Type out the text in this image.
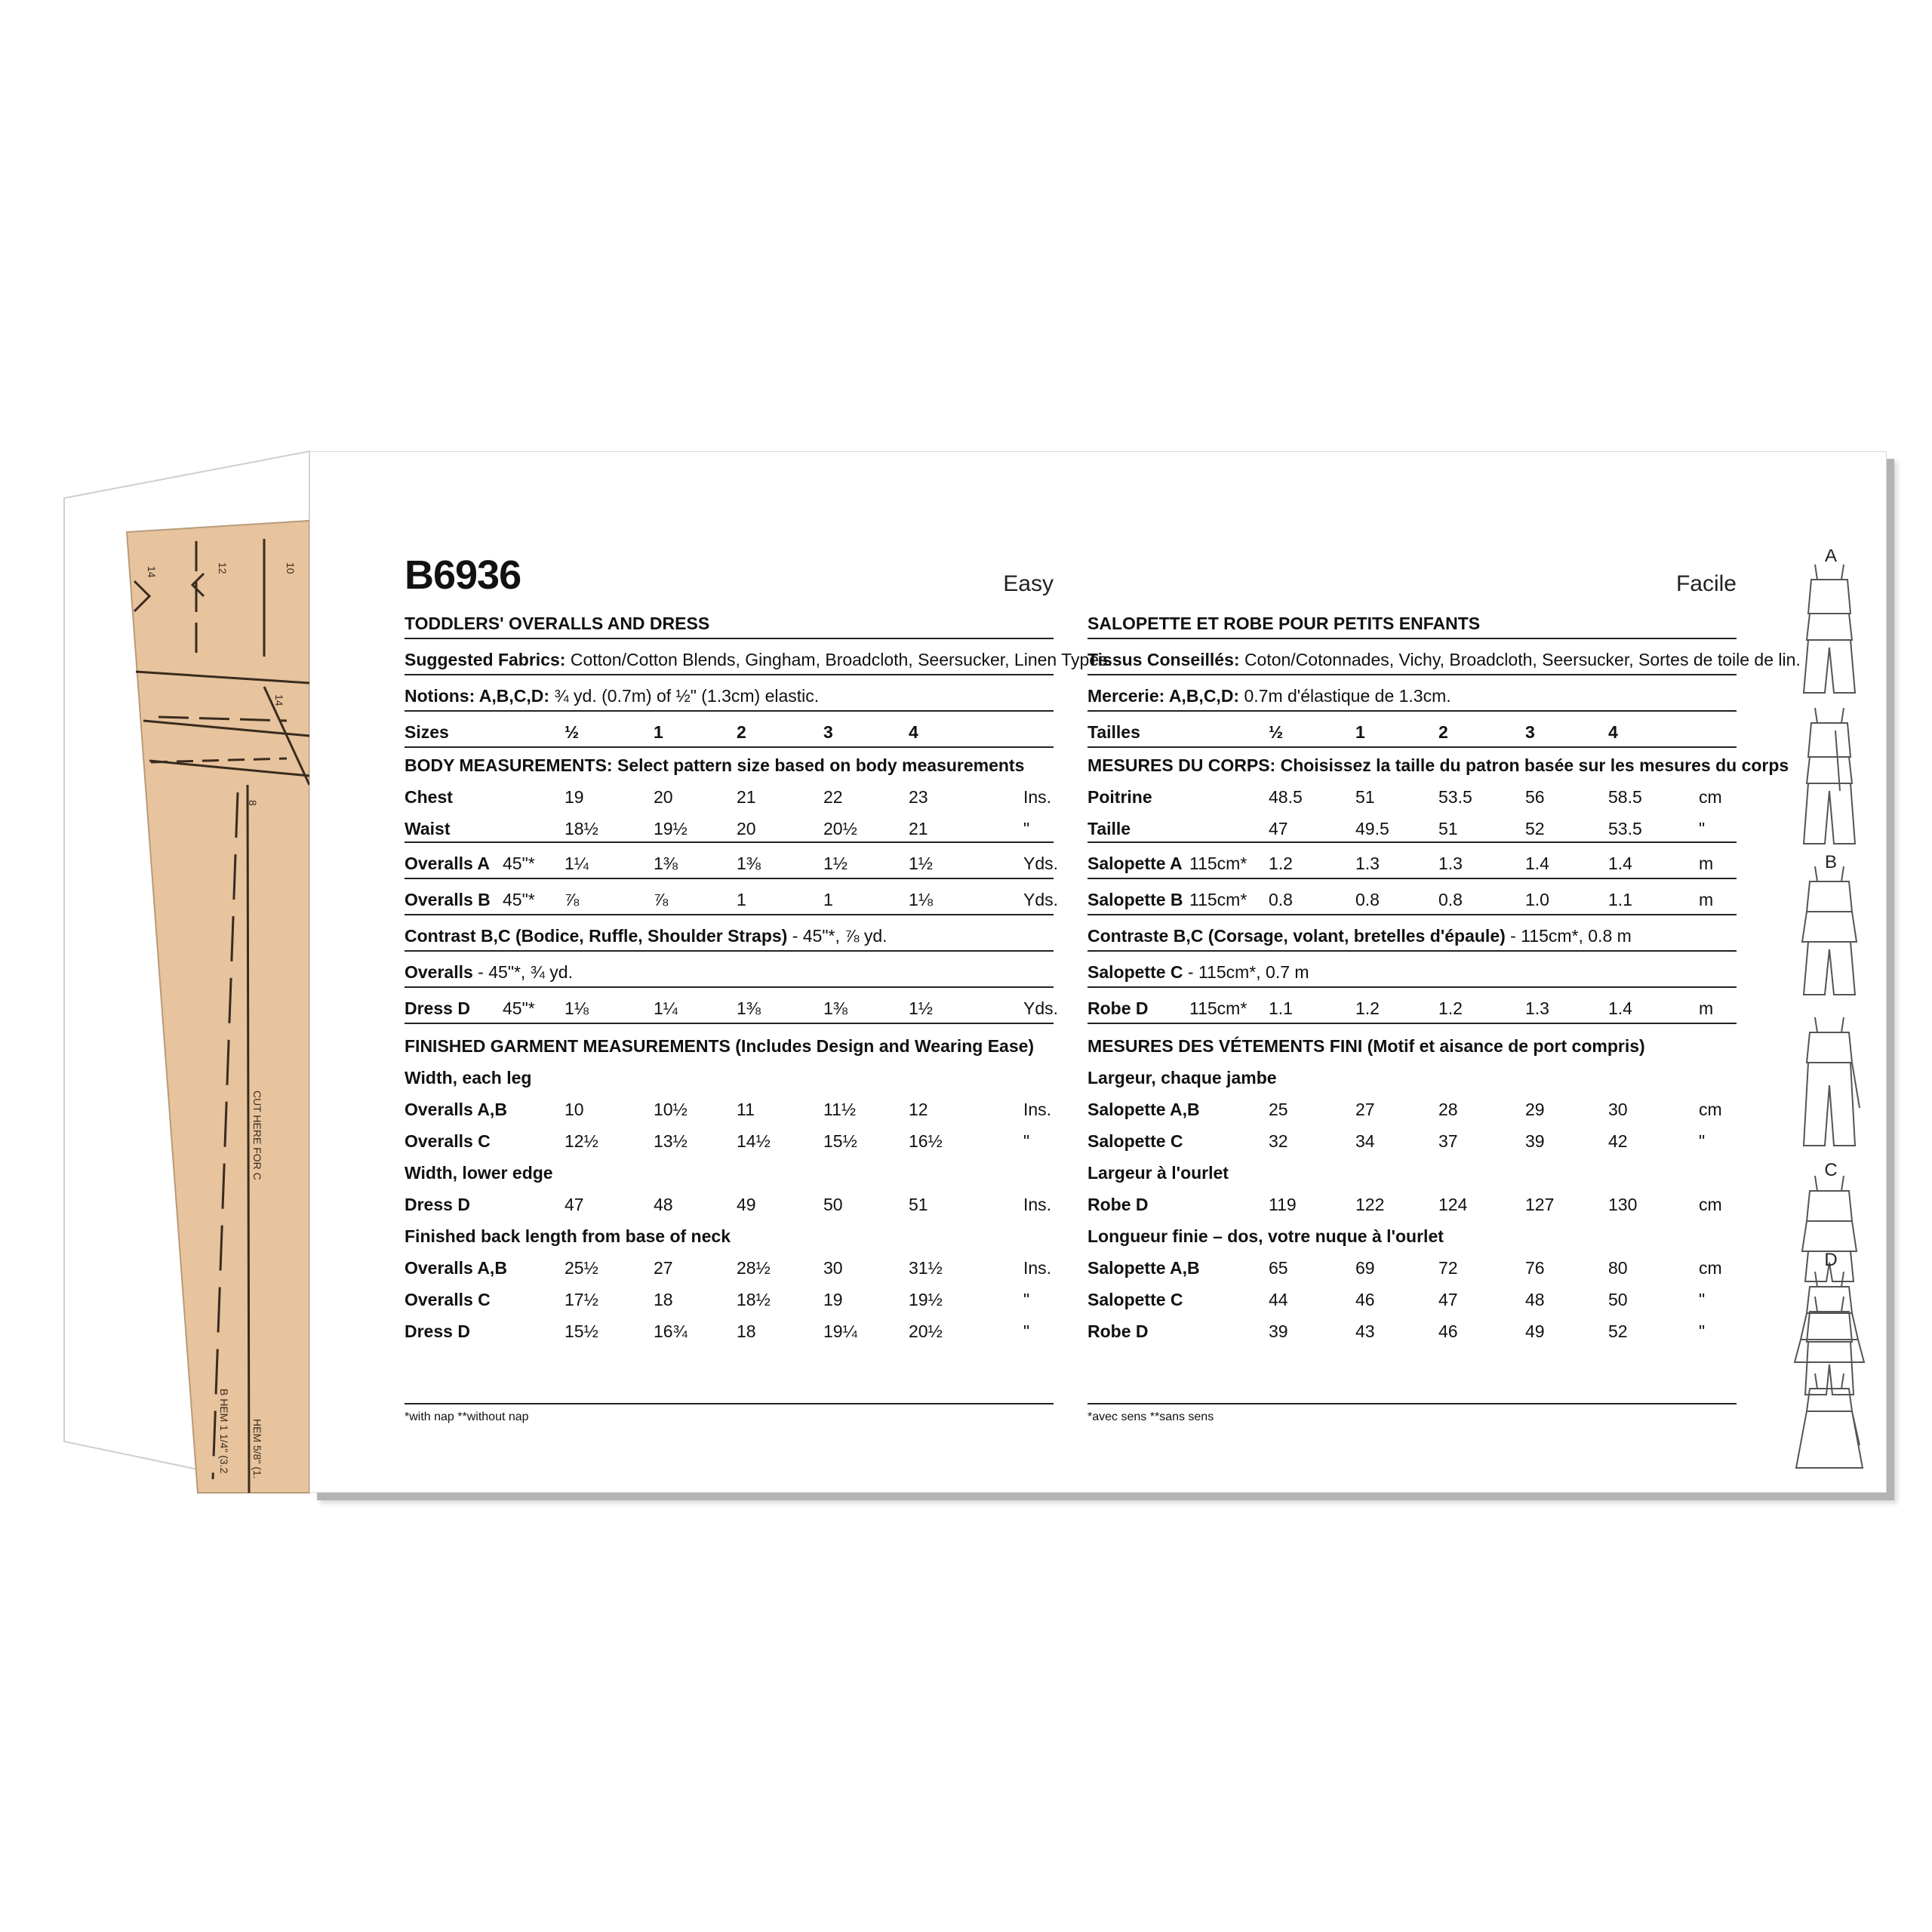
14	12	10
14
8
CUT HERE FOR C
B HEM 1 1/4" (3.2 HEM 5/8" (1.
B6936	Easy
TODDLERS' OVERALLS AND DRESS
Suggested Fabrics: Cotton/Cotton Blends, Gingham, Broadcloth, Seersucker, Linen Types.
Notions: A,B,C,D: ¾ yd. (0.7m) of ½" (1.3cm) elastic.
Sizes	½	1	2	3	4
BODY MEASUREMENTS: Select pattern size based on body measurements
Chest	19	20	21	22	23	Ins.
Waist	18½	19½	20	20½	21	"
Overalls A 45"* 1¼	1⅜	1⅜	1½	1½	Yds.
Overalls B 45"* ⅞	⅞	1	1	1⅛	Yds.
Contrast B,C (Bodice, Ruffle, Shoulder Straps) - 45"*, ⅞ yd.
Overalls - 45"*, ¾ yd.
Dress D 45"* 1⅛	1¼	1⅜	1⅜	1½	Yds.
FINISHED GARMENT MEASUREMENTS (Includes Design and Wearing Ease)
Width, each leg
Overalls A,B	10	10½	11	11½	12	Ins.
Overalls C	12½	13½	14½	15½	16½	"
Width, lower edge
Dress D	47	48	49	50	51	Ins.
Finished back length from base of neck
Overalls A,B	25½	27	28½	30	31½	Ins.
Overalls C	17½	18	18½	19	19½	"
Dress D	15½	16¾	18	19¼	20½	"
*with nap **without nap
Facile
SALOPETTE ET ROBE POUR PETITS ENFANTS
Tissus Conseillés: Coton/Cotonnades, Vichy, Broadcloth, Seersucker, Sortes de toile de lin.
Mercerie: A,B,C,D: 0.7m d'élastique de 1.3cm.
Tailles	½	1	2	3	4
MESURES DU CORPS: Choisissez la taille du patron basée sur les mesures du corps
Poitrine	48.5	51	53.5	56	58.5	cm
Taille	47	49.5	51	52	53.5	"
Salopette A 115cm* 1.2	1.3	1.3	1.4	1.4	m
Salopette B 115cm* 0.8	0.8	0.8	1.0	1.1	m
Contraste B,C (Corsage, volant, bretelles d'épaule) - 115cm*, 0.8 m
Salopette C - 115cm*, 0.7 m
Robe D 115cm* 1.1	1.2	1.2	1.3	1.4	m
MESURES DES VÉTEMENTS FINI (Motif et aisance de port compris)
Largeur, chaque jambe
Salopette A,B	25	27	28	29	30	cm
Salopette C	32	34	37	39	42	"
Largeur à l'ourlet
Robe D	119	122	124	127	130	cm
Longueur finie – dos, votre nuque à l'ourlet
Salopette A,B	65	69	72	76	80	cm
Salopette C	44	46	47	48	50	"
Robe D	39	43	46	49	52	"
*avec sens **sans sens
A
B
C
D
